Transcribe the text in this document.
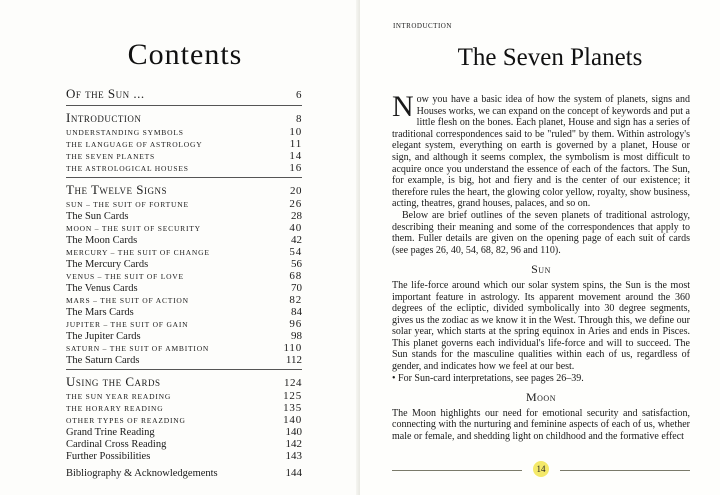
Contents
Of the Sun ...	6
Introduction	8
UNDERSTANDING SYMBOLS	10
THE LANGUAGE OF ASTROLOGY	11
THE SEVEN PLANETS	14
THE ASTROLOGICAL HOUSES	16
The Twelve Signs	20
SUN – THE SUIT OF FORTUNE	26
The Sun Cards	28
MOON – THE SUIT OF SECURITY	40
The Moon Cards	42
MERCURY – THE SUIT OF CHANGE	54
The Mercury Cards	56
VENUS – THE SUIT OF LOVE	68
The Venus Cards	70
MARS – THE SUIT OF ACTION	82
The Mars Cards	84
JUPITER – THE SUIT OF GAIN	96
The Jupiter Cards	98
SATURN – THE SUIT OF AMBITION	110
The Saturn Cards	112
Using the Cards	124
THE SUN YEAR READING	125
THE HORARY READING	135
OTHER TYPES OF REAZDING	140
Grand Trine Reading	140
Cardinal Cross Reading	142
Further Possibilities	143
Bibliography & Acknowledgements	144
INTRODUCTION
The Seven Planets

Now you have a basic idea of how the system of planets, signs and Houses works, we can expand on the concept of keywords and put a little flesh on the bones. Each planet, House and sign has a series of traditional correspondences said to be "ruled" by them. Within astrology's elegant system, everything on earth is governed by a planet, House or sign, and although it seems complex, the symbolism is most difficult to acquire once you understand the essence of each of the factors. The Sun, for example, is big, hot and fiery and is the center of our existence; it therefore rules the heart, the glowing color yellow, royalty, show business, acting, theatres, grand houses, palaces, and so on.

Below are brief outlines of the seven planets of traditional astrology, describing their meaning and some of the correspondences that apply to them. Fuller details are given on the opening page of each suit of cards (see pages 26, 40, 54, 68, 82, 96 and 110).

Sun

The life-force around which our solar system spins, the Sun is the most important feature in astrology. Its apparent movement around the 360 degrees of the ecliptic, divided symbolically into 30 degree segments, gives us the zodiac as we know it in the West. Through this, we define our solar year, which starts at the spring equinox in Aries and ends in Pisces. This planet governs each individual's life-force and will to succeed. The Sun stands for the masculine qualities within each of us, regardless of gender, and indicates how we feel at our best.

• For Sun-card interpretations, see pages 26–39.

Moon

The Moon highlights our need for emotional security and satisfaction, connecting with the nurturing and feminine aspects of each of us, whether male or female, and shedding light on childhood and the formative effect

14
